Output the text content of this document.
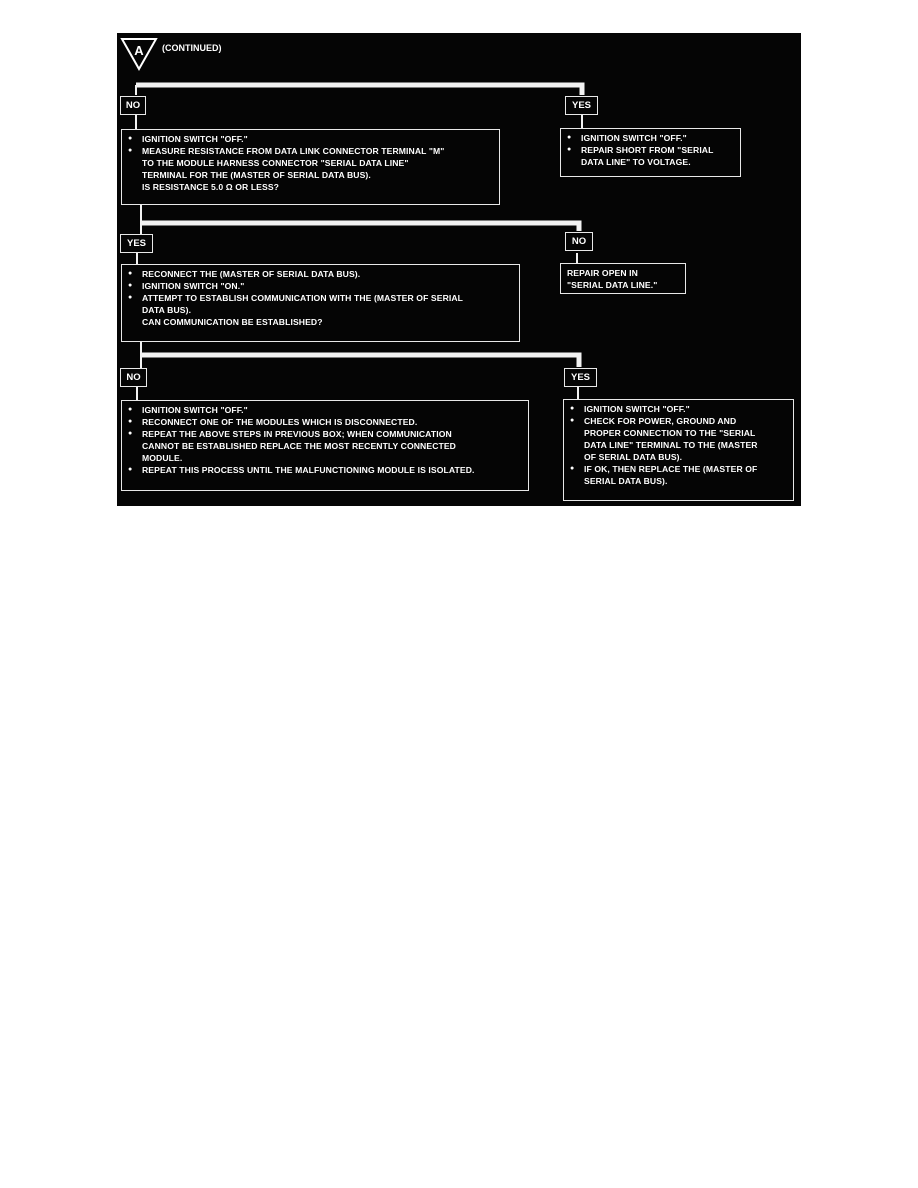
A (CONTINUED)
NO	YES
YES	NO
NO	YES
● IGNITION SWITCH "OFF."
● MEASURE RESISTANCE FROM DATA LINK CONNECTOR TERMINAL "M"
TO THE MODULE HARNESS CONNECTOR "SERIAL DATA LINE"
TERMINAL FOR THE (MASTER OF SERIAL DATA BUS).
IS RESISTANCE 5.0 Ω OR LESS?
● IGNITION SWITCH "OFF."
● REPAIR SHORT FROM "SERIAL
DATA LINE" TO VOLTAGE.
● RECONNECT THE (MASTER OF SERIAL DATA BUS).
● IGNITION SWITCH "ON."
● ATTEMPT TO ESTABLISH COMMUNICATION WITH THE (MASTER OF SERIAL
DATA BUS).
CAN COMMUNICATION BE ESTABLISHED?
REPAIR OPEN IN
"SERIAL DATA LINE."
● IGNITION SWITCH "OFF."
● RECONNECT ONE OF THE MODULES WHICH IS DISCONNECTED.
● REPEAT THE ABOVE STEPS IN PREVIOUS BOX; WHEN COMMUNICATION
CANNOT BE ESTABLISHED REPLACE THE MOST RECENTLY CONNECTED
MODULE.
● REPEAT THIS PROCESS UNTIL THE MALFUNCTIONING MODULE IS ISOLATED.
● IGNITION SWITCH "OFF."
● CHECK FOR POWER, GROUND AND
PROPER CONNECTION TO THE "SERIAL
DATA LINE" TERMINAL TO THE (MASTER
OF SERIAL DATA BUS).
● IF OK, THEN REPLACE THE (MASTER OF
SERIAL DATA BUS).
